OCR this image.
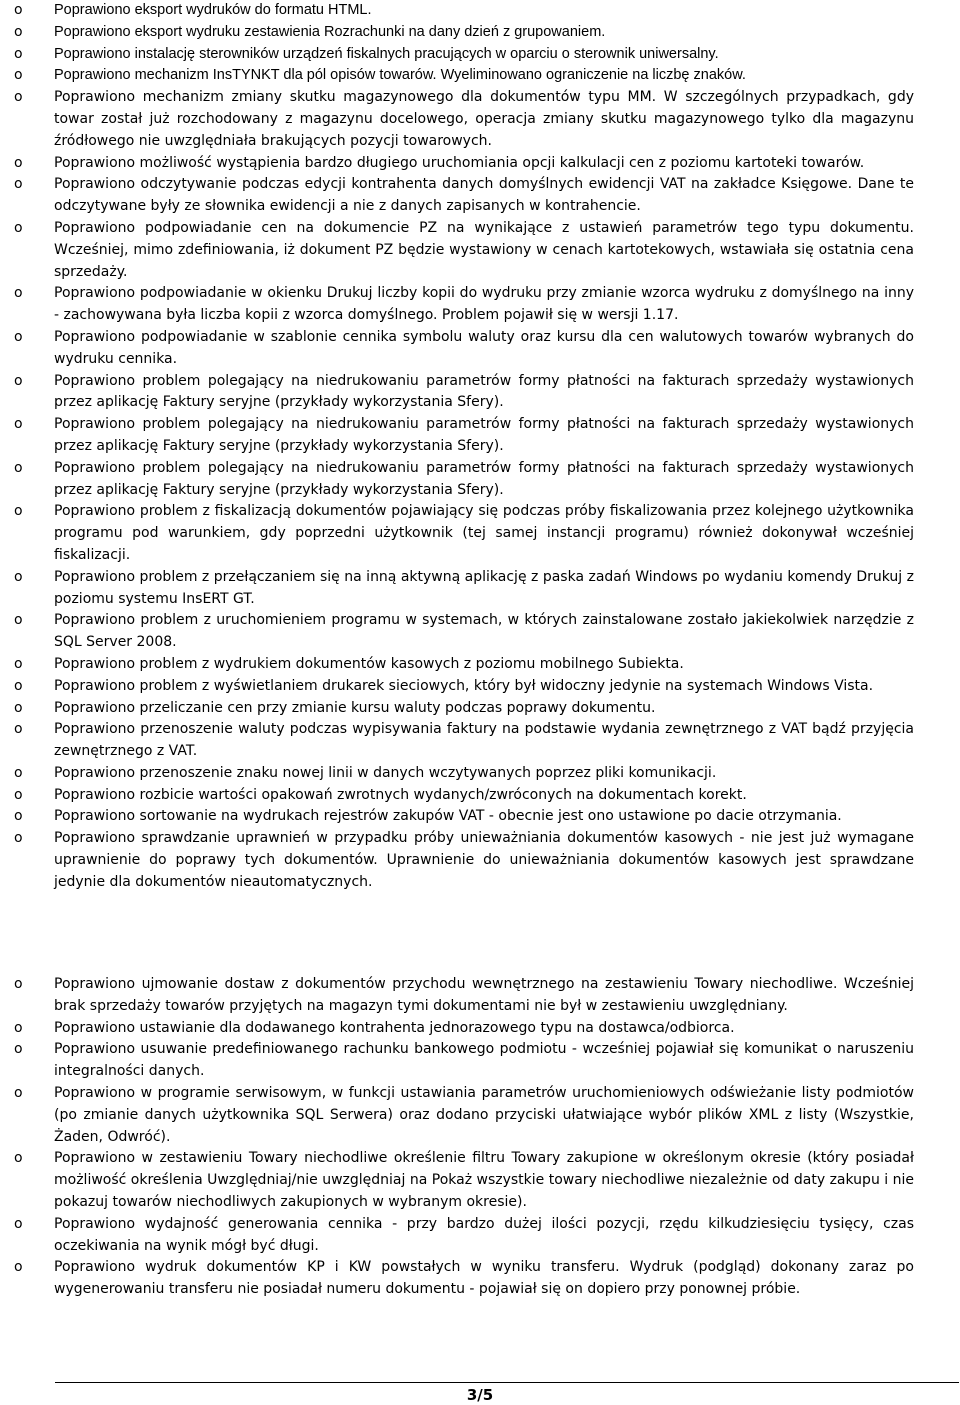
o Poprawiono eksport wydruków do formatu HTML.
o Poprawiono eksport wydruku zestawienia Rozrachunki na dany dzień z grupowaniem.
o Poprawiono instalację sterowników urządzeń fiskalnych pracujących w oparciu o sterownik uniwersalny.
o Poprawiono mechanizm InsTYNKT dla pól opisów towarów. Wyeliminowano ograniczenie na liczbę znaków.
o Poprawiono mechanizm zmiany skutku magazynowego dla dokumentów typu MM. W szczególnych przypadkach, gdy towar został już rozchodowany z magazynu docelowego, operacja zmiany skutku magazynowego tylko dla magazynu źródłowego nie uwzględniała brakujących pozycji towarowych.
o Poprawiono możliwość wystąpienia bardzo długiego uruchomiania opcji kalkulacji cen z poziomu kartoteki towarów.
o Poprawiono odczytywanie podczas edycji kontrahenta danych domyślnych ewidencji VAT na zakładce Księgowe. Dane te odczytywane były ze słownika ewidencji a nie z danych zapisanych w kontrahencie.
o Poprawiono podpowiadanie cen na dokumencie PZ na wynikające z ustawień parametrów tego typu dokumentu. Wcześniej, mimo zdefiniowania, iż dokument PZ będzie wystawiony w cenach kartotekowych, wstawiała się ostatnia cena sprzedaży.
o Poprawiono podpowiadanie w okienku Drukuj liczby kopii do wydruku przy zmianie wzorca wydruku z domyślnego na inny - zachowywana była liczba kopii z wzorca domyślnego. Problem pojawił się w wersji 1.17.
o Poprawiono podpowiadanie w szablonie cennika symbolu waluty oraz kursu dla cen walutowych towarów wybranych do wydruku cennika.
o Poprawiono problem polegający na niedrukowaniu parametrów formy płatności na fakturach sprzedaży wystawionych przez aplikację Faktury seryjne (przykłady wykorzystania Sfery).
o Poprawiono problem polegający na niedrukowaniu parametrów formy płatności na fakturach sprzedaży wystawionych przez aplikację Faktury seryjne (przykłady wykorzystania Sfery).
o Poprawiono problem polegający na niedrukowaniu parametrów formy płatności na fakturach sprzedaży wystawionych przez aplikację Faktury seryjne (przykłady wykorzystania Sfery).
o Poprawiono problem z fiskalizacją dokumentów pojawiający się podczas próby fiskalizowania przez kolejnego użytkownika programu pod warunkiem, gdy poprzedni użytkownik (tej samej instancji programu) również dokonywał wcześniej fiskalizacji.
o Poprawiono problem z przełączaniem się na inną aktywną aplikację z paska zadań Windows po wydaniu komendy Drukuj z poziomu systemu InsERT GT.
o Poprawiono problem z uruchomieniem programu w systemach, w których zainstalowane zostało jakiekolwiek narzędzie z SQL Server 2008.
o Poprawiono problem z wydrukiem dokumentów kasowych z poziomu mobilnego Subiekta.
o Poprawiono problem z wyświetlaniem drukarek sieciowych, który był widoczny jedynie na systemach Windows Vista.
o Poprawiono przeliczanie cen przy zmianie kursu waluty podczas poprawy dokumentu.
o Poprawiono przenoszenie waluty podczas wypisywania faktury na podstawie wydania zewnętrznego z VAT bądź przyjęcia zewnętrznego z VAT.
o Poprawiono przenoszenie znaku nowej linii w danych wczytywanych poprzez pliki komunikacji.
o Poprawiono rozbicie wartości opakowań zwrotnych wydanych/zwróconych na dokumentach korekt.
o Poprawiono sortowanie na wydrukach rejestrów zakupów VAT - obecnie jest ono ustawione po dacie otrzymania.
o Poprawiono sprawdzanie uprawnień w przypadku próby unieważniania dokumentów kasowych - nie jest już wymagane uprawnienie do poprawy tych dokumentów. Uprawnienie do unieważniania dokumentów kasowych jest sprawdzane jedynie dla dokumentów nieautomatycznych.
o Poprawiono ujmowanie dostaw z dokumentów przychodu wewnętrznego na zestawieniu Towary niechodliwe. Wcześniej brak sprzedaży towarów przyjętych na magazyn tymi dokumentami nie był w zestawieniu uwzględniany.
o Poprawiono ustawianie dla dodawanego kontrahenta jednorazowego typu na dostawca/odbiorca.
o Poprawiono usuwanie predefiniowanego rachunku bankowego podmiotu - wcześniej pojawiał się komunikat o naruszeniu integralności danych.
o Poprawiono w programie serwisowym, w funkcji ustawiania parametrów uruchomieniowych odświeżanie listy podmiotów (po zmianie danych użytkownika SQL Serwera) oraz dodano przyciski ułatwiające wybór plików XML z listy (Wszystkie, Żaden, Odwróć).
o Poprawiono w zestawieniu Towary niechodliwe określenie filtru Towary zakupione w określonym okresie (który posiadał możliwość określenia Uwzględniaj/nie uwzględniaj na Pokaż wszystkie towary niechodliwe niezależnie od daty zakupu i nie pokazuj towarów niechodliwych zakupionych w wybranym okresie).
o Poprawiono wydajność generowania cennika - przy bardzo dużej ilości pozycji, rzędu kilkudziesięciu tysięcy, czas oczekiwania na wynik mógł być długi.
o Poprawiono wydruk dokumentów KP i KW powstałych w wyniku transferu. Wydruk (podgląd) dokonany zaraz po wygenerowaniu transferu nie posiadał numeru dokumentu - pojawiał się on dopiero przy ponownej próbie.
3/5
